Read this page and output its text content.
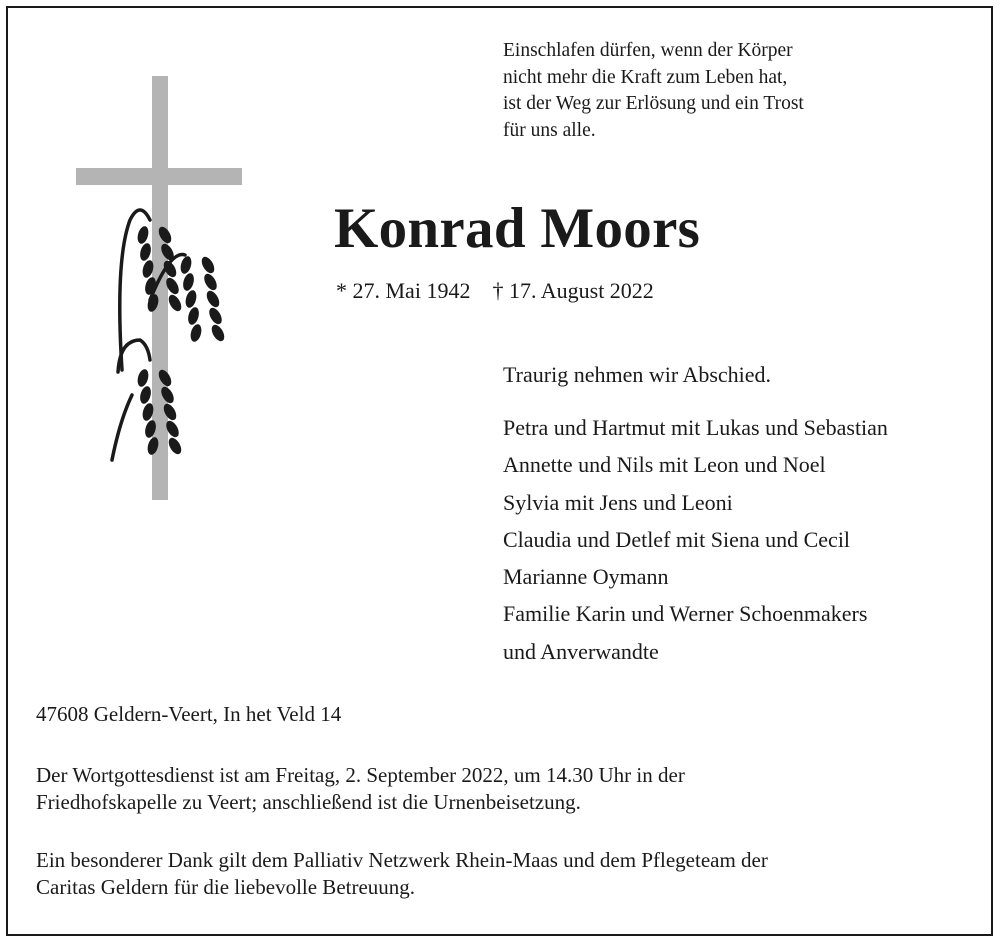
Einschlafen dürfen, wenn der Körper
nicht mehr die Kraft zum Leben hat,
ist der Weg zur Erlösung und ein Trost
für uns alle.
Konrad Moors
* 27. Mai 1942 † 17. August 2022
Traurig nehmen wir Abschied.
Petra und Hartmut mit Lukas und Sebastian
Annette und Nils mit Leon und Noel
Sylvia mit Jens und Leoni
Claudia und Detlef mit Siena und Cecil
Marianne Oymann
Familie Karin und Werner Schoenmakers
und Anverwandte
47608 Geldern-Veert, In het Veld 14
Der Wortgottesdienst ist am Freitag, 2. September 2022, um 14.30 Uhr in der
Friedhofskapelle zu Veert; anschließend ist die Urnenbeisetzung.
Ein besonderer Dank gilt dem Palliativ Netzwerk Rhein-Maas und dem Pflegeteam der
Caritas Geldern für die liebevolle Betreuung.
